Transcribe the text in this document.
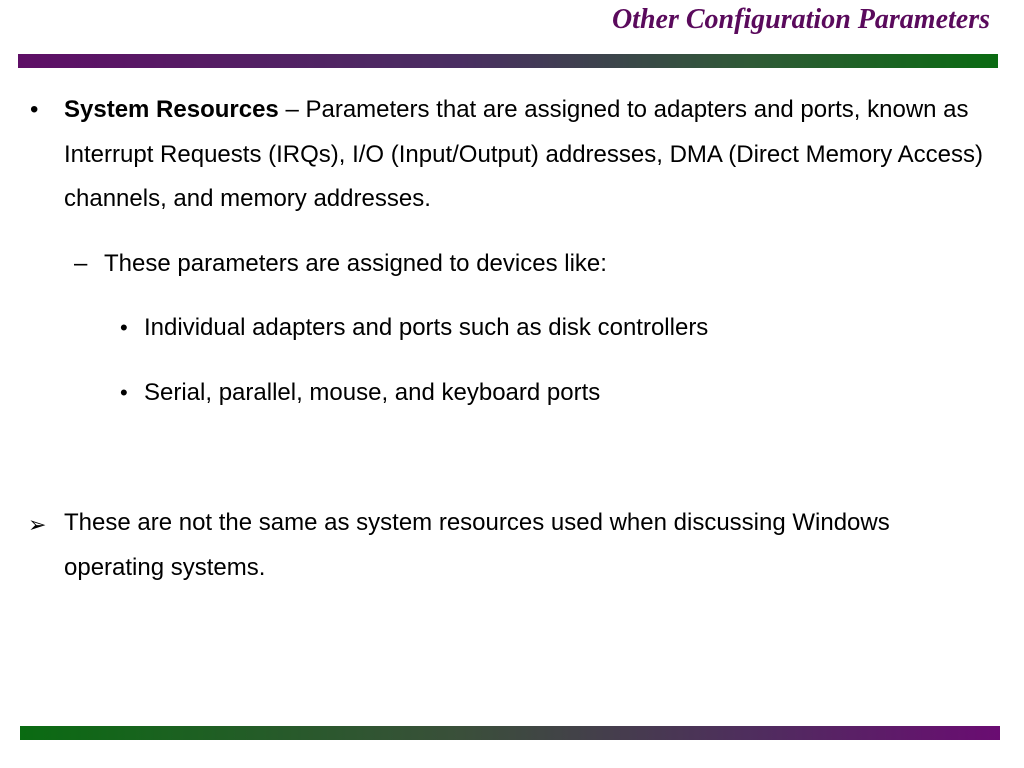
Other Configuration Parameters
• System Resources – Parameters that are assigned to adapters and ports, known as Interrupt Requests (IRQs), I/O (Input/Output) addresses, DMA (Direct Memory Access) channels, and memory addresses.
– These parameters are assigned to devices like:
• Individual adapters and ports such as disk controllers
• Serial, parallel, mouse, and keyboard ports
➢ These are not the same as system resources used when discussing Windows operating systems.
